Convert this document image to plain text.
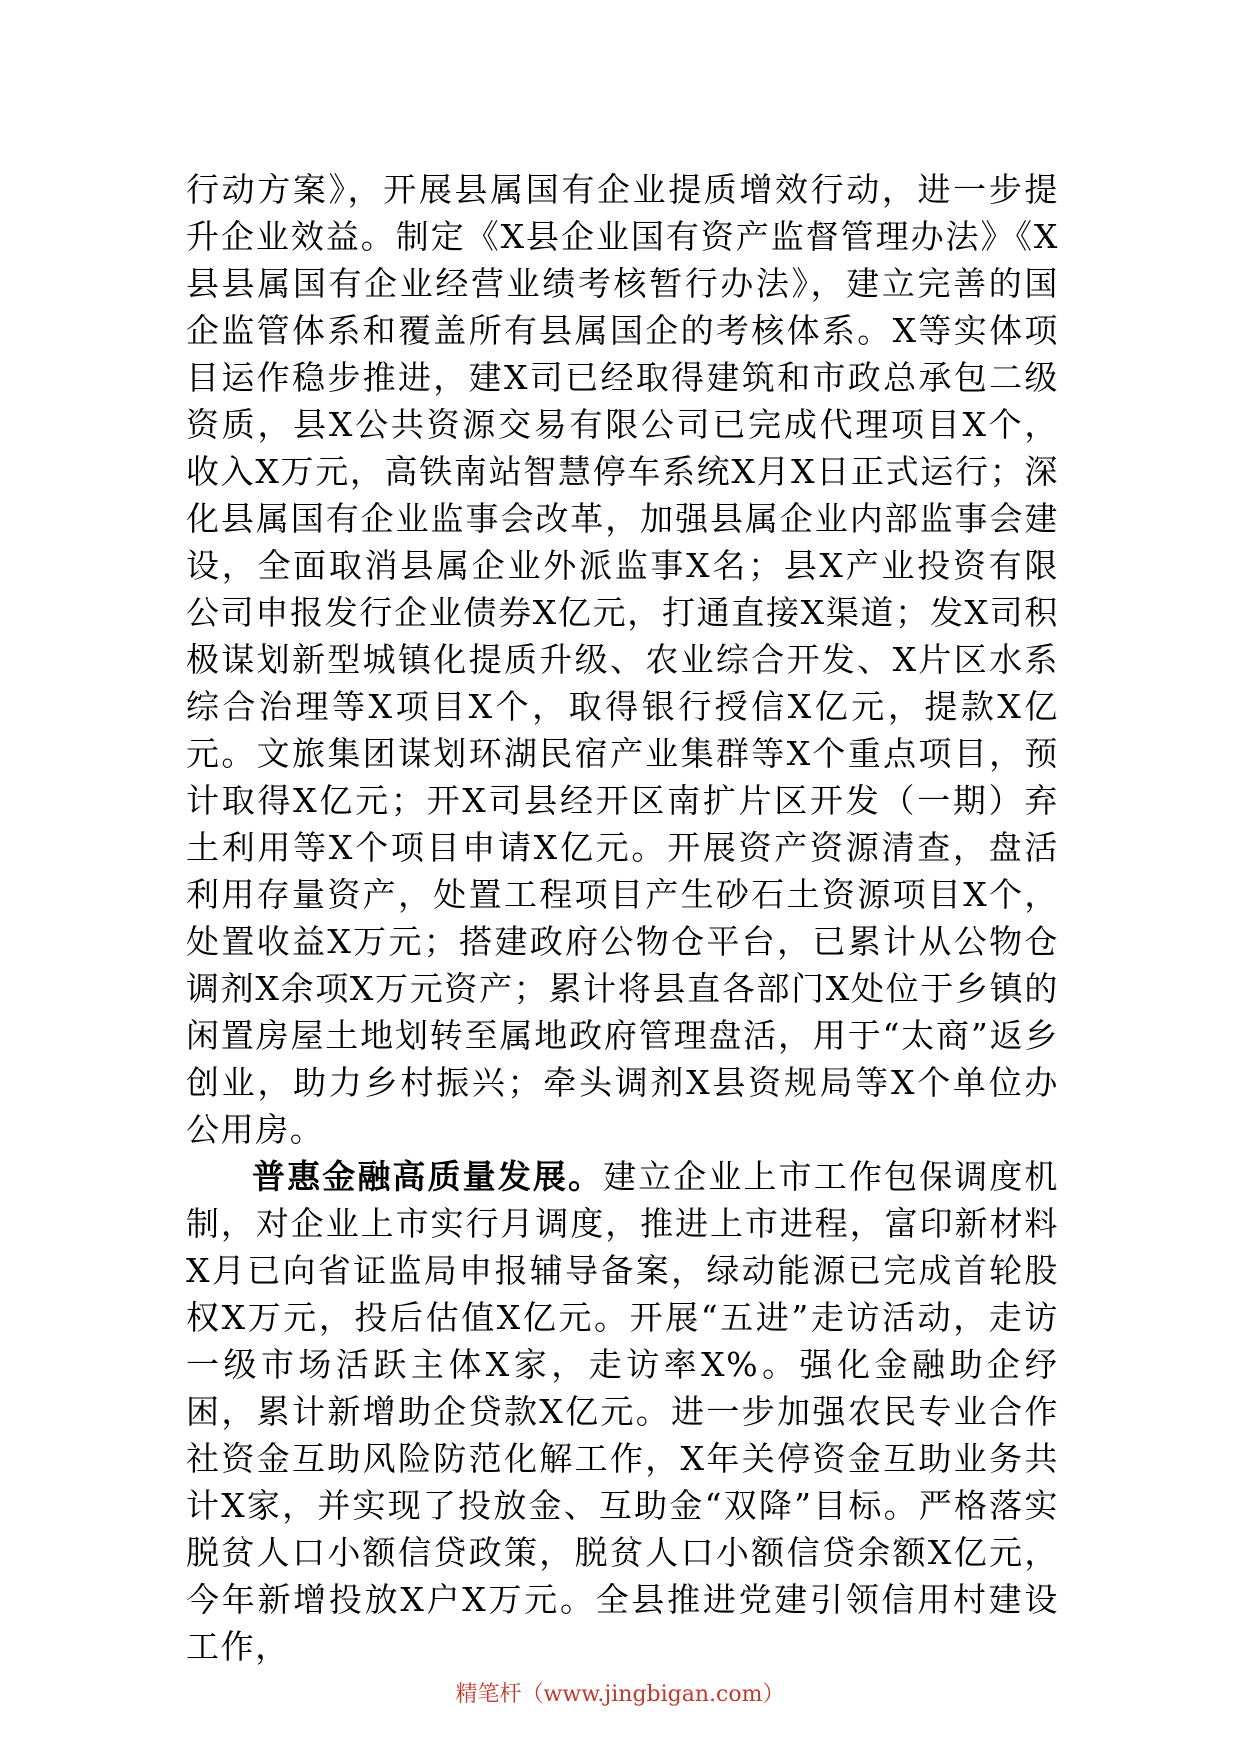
行动方案》，开展县属国有企业提质增效行动，进一步提升企业效益。制定《X县企业国有资产监督管理办法》《X县县属国有企业经营业绩考核暂行办法》，建立完善的国企监管体系和覆盖所有县属国企的考核体系。X等实体项目运作稳步推进，建X司已经取得建筑和市政总承包二级资质，县X公共资源交易有限公司已完成代理项目X个，收入X万元，高铁南站智慧停车系统X月X日正式运行；深化县属国有企业监事会改革，加强县属企业内部监事会建设，全面取消县属企业外派监事X名；县X产业投资有限公司申报发行企业债券X亿元，打通直接X渠道；发X司积极谋划新型城镇化提质升级、农业综合开发、X片区水系综合治理等X项目X个，取得银行授信X亿元，提款X亿元。文旅集团谋划环湖民宿产业集群等X个重点项目，预计取得X亿元；开X司县经开区南扩片区开发（一期）弃土利用等X个项目申请X亿元。开展资产资源清查，盘活利用存量资产，处置工程项目产生砂石土资源项目X个，处置收益X万元；搭建政府公物仓平台，已累计从公物仓调剂X余项X万元资产；累计将县直各部门X处位于乡镇的闲置房屋土地划转至属地政府管理盘活，用于“太商”返乡创业，助力乡村振兴；牵头调剂X县资规局等X个单位办公用房。

普惠金融高质量发展。建立企业上市工作包保调度机制，对企业上市实行月调度，推进上市进程，富印新材料X月已向省证监局申报辅导备案，绿动能源已完成首轮股权X万元，投后估值X亿元。开展“五进”走访活动，走访一级市场活跃主体X家，走访率X%。强化金融助企纾困，累计新增助企贷款X亿元。进一步加强农民专业合作社资金互助风险防范化解工作，X年关停资金互助业务共计X家，并实现了投放金、互助金“双降”目标。严格落实脱贫人口小额信贷政策，脱贫人口小额信贷余额X亿元，今年新增投放X户X万元。全县推进党建引领信用村建设工作，

精笔杆（www.jingbigan.com）
